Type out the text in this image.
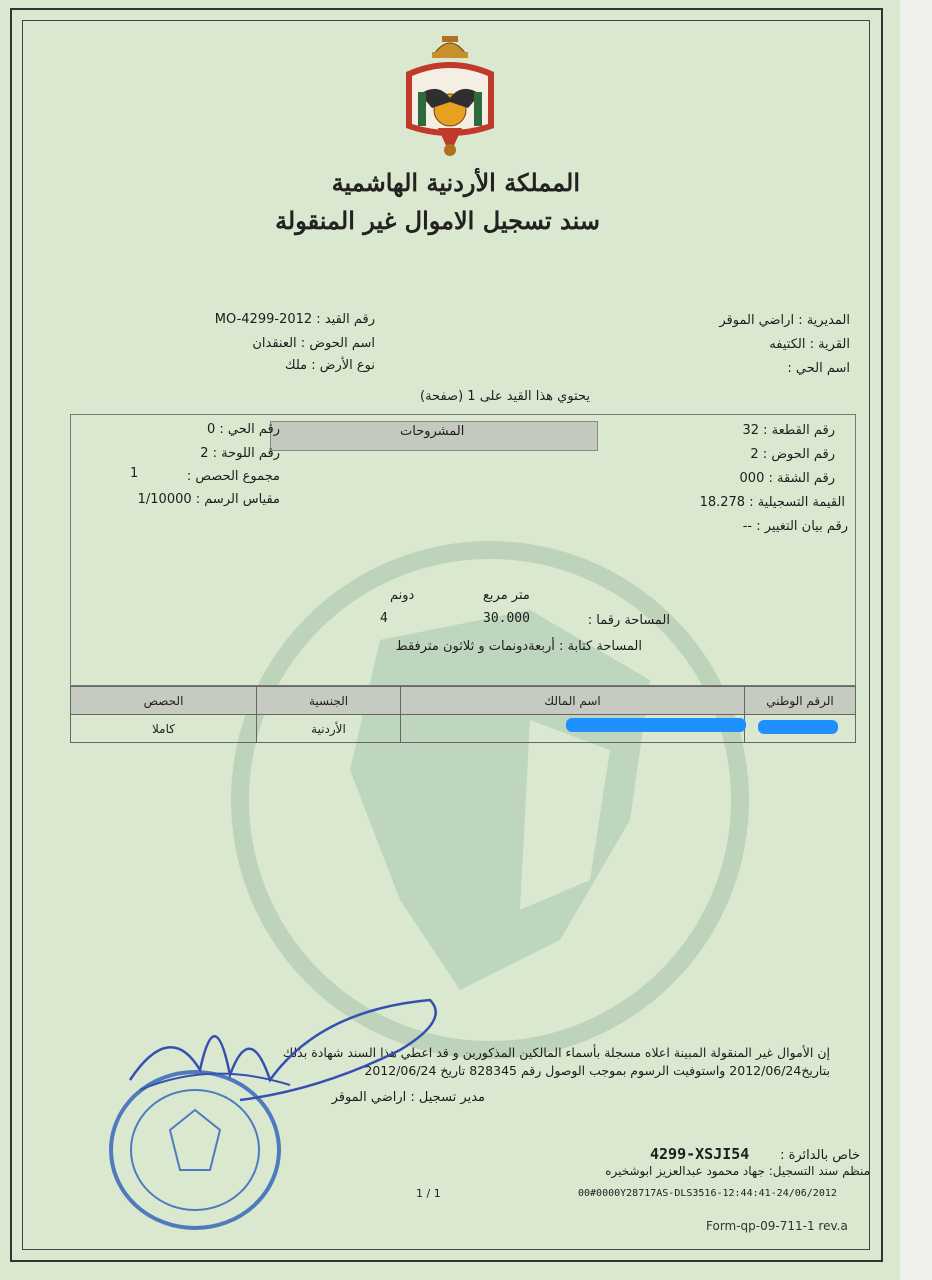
المملكة الأردنية الهاشمية
سند تسجيل الاموال غير المنقولة
المديرية : اراضي الموقر
القرية : الكتيفه
اسم الحي :
رقم القيد : 2012-MO-4299
اسم الحوض : العنقدان
نوع الأرض : ملك
يحتوي هذا القيد على 1 (صفحة)
المشروحات	رقم القطعة : 32
رقم الحوض : 2
رقم الشقة : 000
القيمة التسجيلية : 18.278
رقم بيان التغيير : --
رقم الحي : 0
رقم اللوحة : 2
مجموع الحصص :
1
مقياس الرسم : 1/10000
متر مربع
دونم
المساحة رقما :
30.000
4
المساحة كتابة : أربعةدونمات و ثلاثون مترفقط
الرقم الوطني
اسم المالك
الجنسية
الحصص
الأردنية
كاملا
إن الأموال غير المنقولة المبينة اعلاه مسجلة بأسماء المالكين المذكورين و قد اعطي هذا السند شهادة بذلك
بتاريخ2012/06/24 واستوفيت الرسوم بموجب الوصول رقم 828345 تاريخ 2012/06/24
مدير تسجيل : اراضي الموقر
خاص بالدائرة :
4299-XSJI54
منظم سند التسجيل: جهاد محمود عبدالعزيز ابوشخيره
1 / 1	00#0000Y28717AS-DLS3516-12:44:41-24/06/2012
Form-qp-09-711-1 rev.a
